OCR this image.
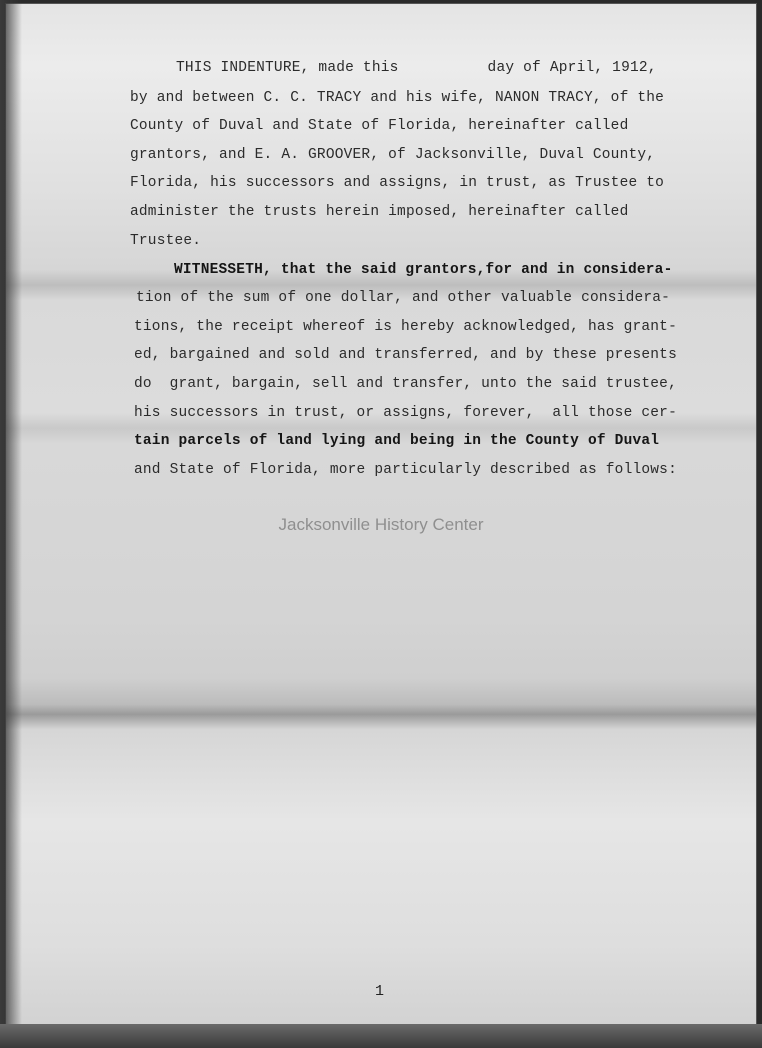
THIS INDENTURE, made this          day of April, 1912,
by and between C. C. TRACY and his wife, NANON TRACY, of the
County of Duval and State of Florida, hereinafter called
grantors, and E. A. GROOVER, of Jacksonville, Duval County,
Florida, his successors and assigns, in trust, as Trustee to
administer the trusts herein imposed, hereinafter called
Trustee.
WITNESSETH, that the said grantors,for and in considera-
tion of the sum of one dollar, and other valuable considera-
tions, the receipt whereof is hereby acknowledged, has grant-
ed, bargained and sold and transferred, and by these presents
do  grant, bargain, sell and transfer, unto the said trustee,
his successors in trust, or assigns, forever,  all those cer-
tain parcels of land lying and being in the County of Duval
and State of Florida, more particularly described as follows:
Jacksonville History Center
1
